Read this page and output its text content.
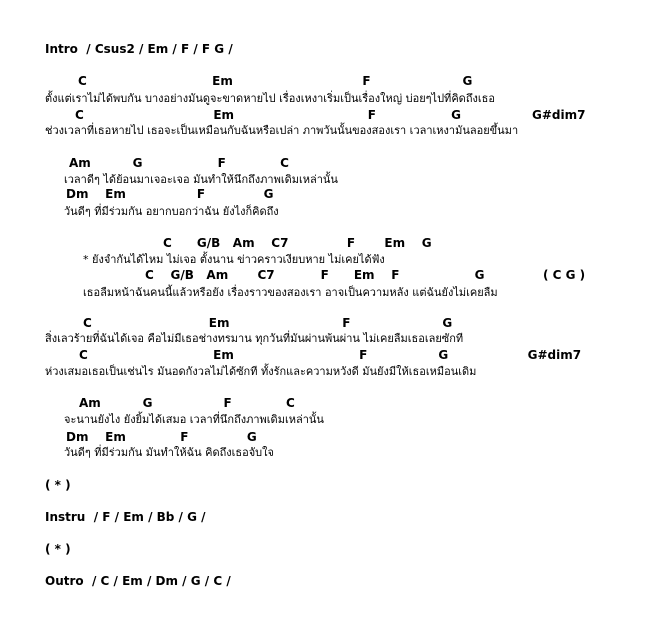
Intro  / Csus2 / Em / F / F G /
C                              Em                               F                      G
ตั้งแต่เราไม่ได้พบกัน บางอย่างมันดูจะขาดหายไป เรื่องเหงาเริ่มเป็นเรื่องใหญ่ บ่อยๆไปที่คิดถึงเธอ
C                               Em                                F                  G                 G#dim7
ช่วงเวลาที่เธอหายไป เธอจะเป็นเหมือนกับฉันหรือเปล่า ภาพวันนั้นของสองเรา เวลาเหงามันลอยขึ้นมา
Am          G                  F             C
เวลาดีๆ ได้ย้อนมาเจอะเจอ มันทำให้นึกถึงภาพเดิมเหล่านั้น
Dm    Em                 F              G
วันดีๆ ที่มีร่วมกัน อยากบอกว่าฉัน ยังไงก็คิดถึง
C      G/B   Am    C7              F       Em    G
* ยังจำกันได้ไหม ไม่เจอ ตั้งนาน ข่าวคราวเงียบหาย ไม่เคยได้ฟัง
C    G/B   Am       C7           F      Em    F                  G              ( C G )
เธอลืมหน้าฉันคนนี้แล้วหรือยัง เรื่องราวของสองเรา อาจเป็นความหลัง แต่ฉันยังไม่เคยลืม
C                            Em                           F                      G
สิ่งเลวร้ายที่ฉันได้เจอ คือไม่มีเธอช่างทรมาน ทุกวันที่มันผ่านพ้นผ่าน ไม่เคยลืมเธอเลยซักที
C                              Em                              F                 G                   G#dim7
ห่วงเสมอเธอเป็นเช่นไร มันอดกังวลไม่ได้ซักที ทั้งรักและความหวังดี มันยังมีให้เธอเหมือนเดิม
Am          G                 F             C
จะนานยังไง ยังยิ้มได้เสมอ เวลาที่นึกถึงภาพเดิมเหล่านั้น
Dm    Em             F              G
วันดีๆ ที่มีร่วมกัน มันทำให้ฉัน คิดถึงเธอจับใจ
( * )
Instru  / F / Em / Bb / G /
( * )
Outro  / C / Em / Dm / G / C /
